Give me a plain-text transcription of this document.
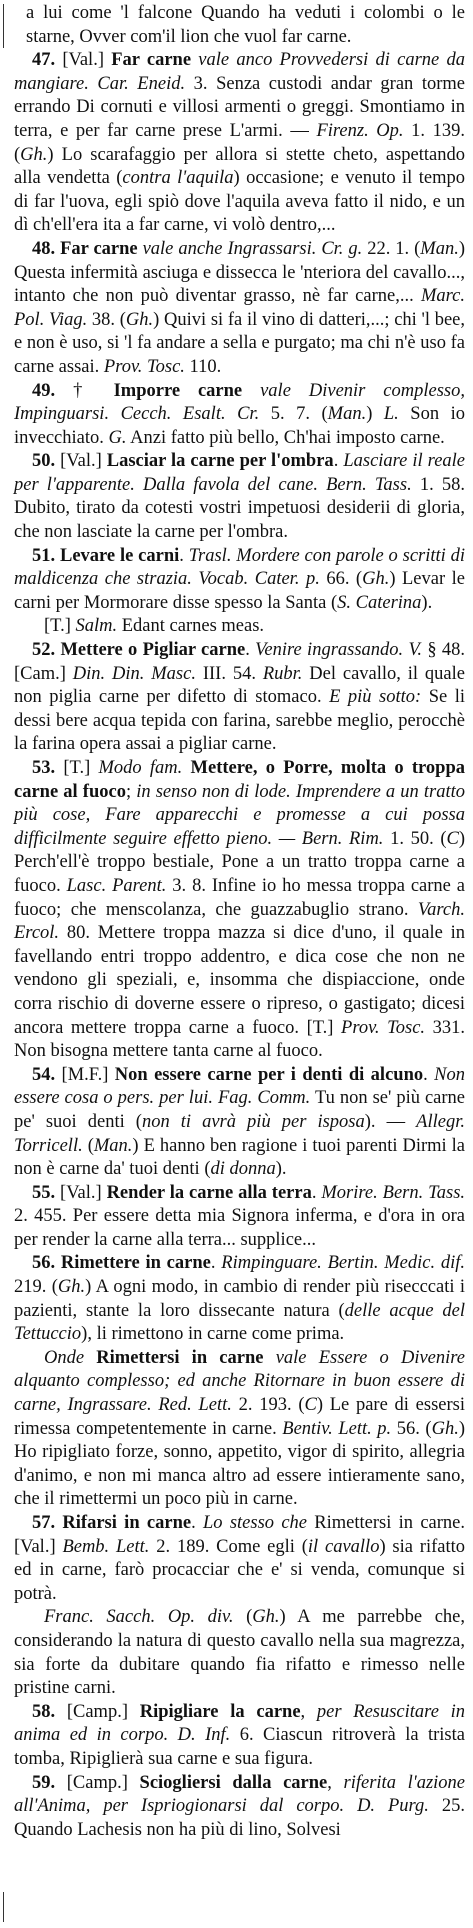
a lui come 'l falcone Quando ha veduti i colombi o le starne, Ovver com'il lion che vuol far carne.

47. [Val.] Far carne vale anco Provvedersi di carne da mangiare. Car. Eneid. 3. Senza custodi andar gran torme errando Di cornuti e villosi armenti o greggi. Smontiamo in terra, e per far carne prese L'armi. — Firenz. Op. 1. 139. (Gh.) Lo scarafaggio per allora si stette cheto, aspettando alla vendetta (contra l'aquila) occasione; e venuto il tempo di far l'uova, egli spiò dove l'aquila aveva fatto il nido, e un dì ch'ell'era ita a far carne, vi volò dentro,...

48. Far carne vale anche Ingrassarsi. Cr. g. 22. 1. (Man.) Questa infermità asciuga e dissecca le 'nteriora del cavallo..., intanto che non può diventar grasso, nè far carne,... Marc. Pol. Viag. 38. (Gh.) Quivi si fa il vino di datteri,...; chi 'l bee, e non è uso, si 'l fa andare a sella e purgato; ma chi n'è uso fa carne assai. Prov. Tosc. 110.

49. † Imporre carne vale Divenir complesso, Impinguarsi. Cecch. Esalt. Cr. 5. 7. (Man.) L. Son io invecchiato. G. Anzi fatto più bello, Ch'hai imposto carne.

50. [Val.] Lasciar la carne per l'ombra. Lasciare il reale per l'apparente. Dalla favola del cane. Bern. Tass. 1. 58. Dubito, tirato da cotesti vostri impetuosi desiderii di gloria, che non lasciate la carne per l'ombra.

51. Levare le carni. Trasl. Mordere con parole o scritti di maldicenza che strazia. Vocab. Cater. p. 66. (Gh.) Levar le carni per Mormorare disse spesso la Santa (S. Caterina).

[T.] Salm. Edant carnes meas.

52. Mettere o Pigliar carne. Venire ingrassando. V. § 48. [Cam.] Din. Din. Masc. III. 54. Rubr. Del cavallo, il quale non piglia carne per difetto di stomaco. E più sotto: Se li dessi bere acqua tepida con farina, sarebbe meglio, perocchè la farina opera assai a pigliar carne.

53. [T.] Modo fam. Mettere, o Porre, molta o troppa carne al fuoco; in senso non di lode. Imprendere a un tratto più cose, Fare apparecchi e promesse a cui possa difficilmente seguire effetto pieno. — Bern. Rim. 1. 50. (C) Perch'ell'è troppo bestiale, Pone a un tratto troppa carne a fuoco. Lasc. Parent. 3. 8. Infine io ho messa troppa carne a fuoco; che menscolanza, che guazzabuglio strano. Varch. Ercol. 80. Mettere troppa mazza si dice d'uno, il quale in favellando entri troppo addentro, e dica cose che non ne vendono gli speziali, e, insomma che dispiaccione, onde corra rischio di doverne essere o ripreso, o gastigato; dicesi ancora mettere troppa carne a fuoco. [T.] Prov. Tosc. 331. Non bisogna mettere tanta carne al fuoco.

54. [M.F.] Non essere carne per i denti di alcuno. Non essere cosa o pers. per lui. Fag. Comm. Tu non se' più carne pe' suoi denti (non ti avrà più per isposa). — Allegr. Torricell. (Man.) E hanno ben ragione i tuoi parenti Dirmi la non è carne da' tuoi denti (di donna).

55. [Val.] Render la carne alla terra. Morire. Bern. Tass. 2. 455. Per essere detta mia Signora inferma, e d'ora in ora per render la carne alla terra... supplice...

56. Rimettere in carne. Rimpinguare. Bertin. Medic. dif. 219. (Gh.) A ogni modo, in cambio di render più risecccati i pazienti, stante la loro dissecante natura (delle acque del Tettuccio), li rimettono in carne come prima.

Onde Rimettersi in carne vale Essere o Divenire alquanto complesso; ed anche Ritornare in buon essere di carne, Ingrassare. Red. Lett. 2. 193. (C) Le pare di essersi rimessa competentemente in carne. Bentiv. Lett. p. 56. (Gh.) Ho ripigliato forze, sonno, appetito, vigor di spirito, allegria d'animo, e non mi manca altro ad essere intieramente sano, che il rimettermi un poco più in carne.

57. Rifarsi in carne. Lo stesso che Rimettersi in carne. [Val.] Bemb. Lett. 2. 189. Come egli (il cavallo) sia rifatto ed in carne, farò procacciar che e' si venda, comunque si potrà.

Franc. Sacch. Op. div. (Gh.) A me parrebbe che, considerando la natura di questo cavallo nella sua magrezza, sia forte da dubitare quando fia rifatto e rimesso nelle pristine carni.

58. [Camp.] Ripigliare la carne, per Resuscitare in anima ed in corpo. D. Inf. 6. Ciascun ritroverà la trista tomba, Ripiglierà sua carne e sua figura.

59. [Camp.] Sciogliersi dalla carne, riferita l'azione all'Anima, per Ispriogionarsi dal corpo. D. Purg. 25. Quando Lachesis non ha più di lino, Solvesi
